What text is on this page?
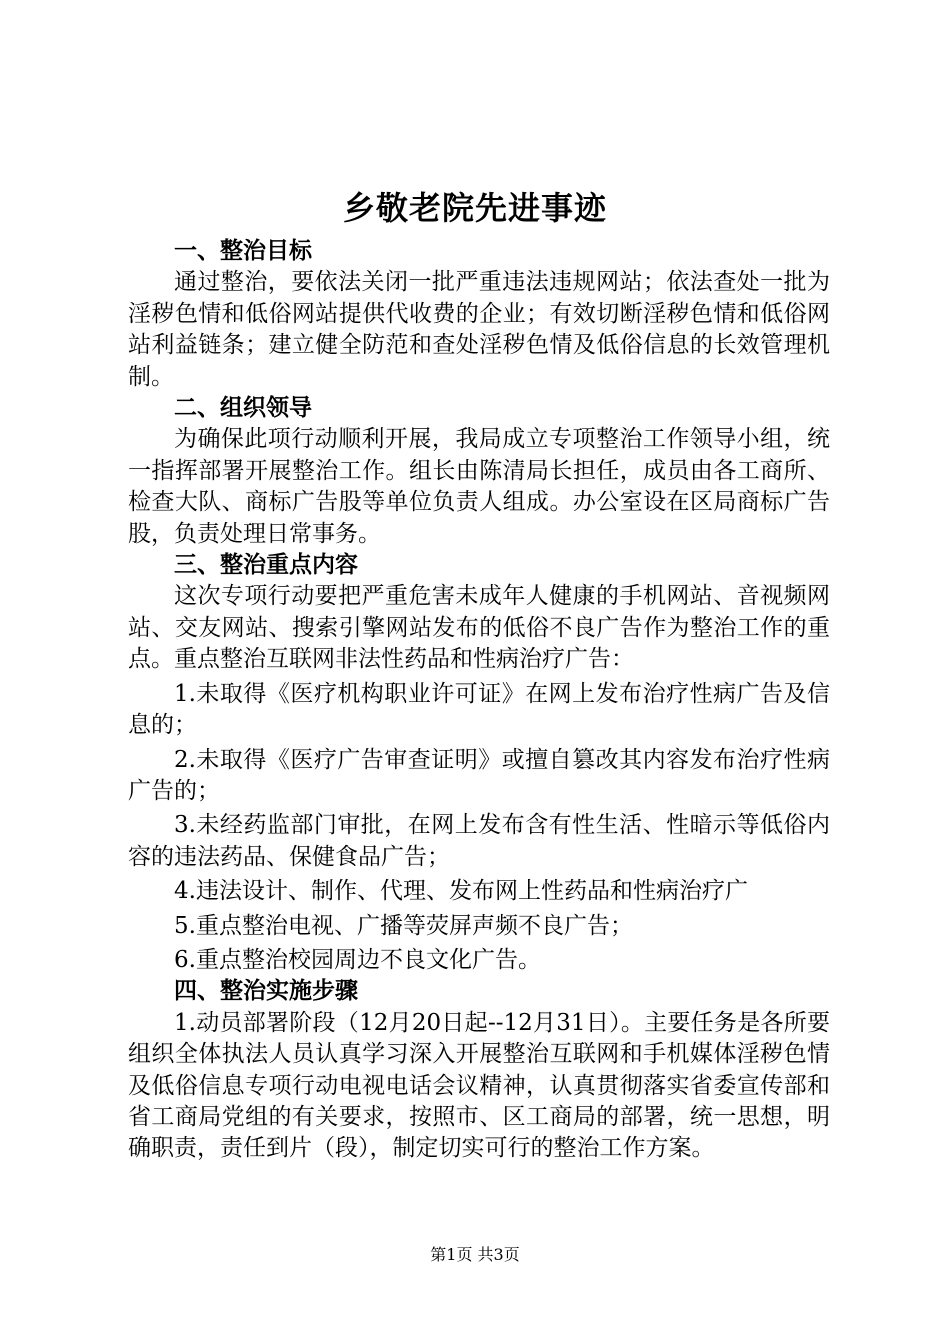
乡敬老院先进事迹
一、整治目标

通过整治，要依法关闭一批严重违法违规网站；依法查处一批为淫秽色情和低俗网站提供代收费的企业；有效切断淫秽色情和低俗网站利益链条；建立健全防范和查处淫秽色情及低俗信息的长效管理机制。

二、组织领导

为确保此项行动顺利开展，我局成立专项整治工作领导小组，统一指挥部署开展整治工作。组长由陈清局长担任，成员由各工商所、检查大队、商标广告股等单位负责人组成。办公室设在区局商标广告股，负责处理日常事务。

三、整治重点内容

这次专项行动要把严重危害未成年人健康的手机网站、音视频网站、交友网站、搜索引擎网站发布的低俗不良广告作为整治工作的重点。重点整治互联网非法性药品和性病治疗广告：

1.未取得《医疗机构职业许可证》在网上发布治疗性病广告及信息的；

2.未取得《医疗广告审查证明》或擅自篡改其内容发布治疗性病广告的；

3.未经药监部门审批，在网上发布含有性生活、性暗示等低俗内容的违法药品、保健食品广告；

4.违法设计、制作、代理、发布网上性药品和性病治疗广

5.重点整治电视、广播等荧屏声频不良广告；

6.重点整治校园周边不良文化广告。

四、整治实施步骤

1.动员部署阶段（12月20日起--12月31日）。主要任务是各所要组织全体执法人员认真学习深入开展整治互联网和手机媒体淫秽色情及低俗信息专项行动电视电话会议精神，认真贯彻落实省委宣传部和省工商局党组的有关要求，按照市、区工商局的部署，统一思想，明确职责，责任到片（段），制定切实可行的整治工作方案。

第1页 共3页
